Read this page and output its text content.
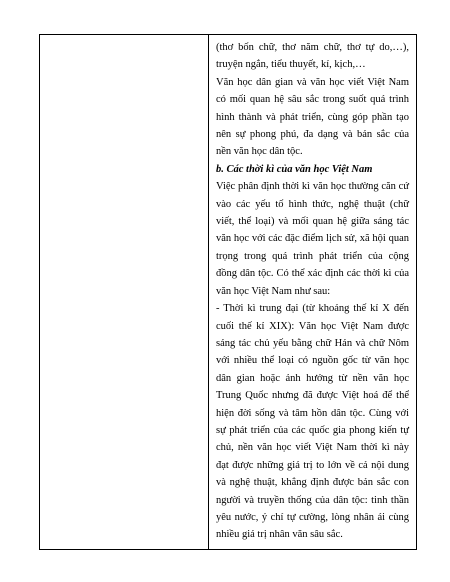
(thơ bốn chữ, thơ năm chữ, thơ tự do,…), truyện ngắn, tiểu thuyết, kí, kịch,…

Văn học dân gian và văn học viết Việt Nam có mối quan hệ sâu sắc trong suốt quá trình hình thành và phát triển, cùng góp phần tạo nên sự phong phú, đa dạng và bản sắc của nền văn học dân tộc.

b. Các thời kì của văn học Việt Nam

Việc phân định thời kì văn học thường căn cứ vào các yếu tố hình thức, nghệ thuật (chữ viết, thể loại) và mối quan hệ giữa sáng tác văn học với các đặc điểm lịch sử, xã hội quan trọng trong quá trình phát triển của cộng đồng dân tộc. Có thể xác định các thời kì của văn học Việt Nam như sau:

- Thời kì trung đại (từ khoảng thế kỉ X đến cuối thế kỉ XIX): Văn học Việt Nam được sáng tác chủ yếu bằng chữ Hán và chữ Nôm với nhiều thể loại có nguồn gốc từ văn học dân gian hoặc ảnh hưởng từ nền văn học Trung Quốc nhưng đã được Việt hoá để thể hiện đời sống và tâm hồn dân tộc. Cùng với sự phát triển của các quốc gia phong kiến tự chủ, nền văn học viết Việt Nam thời kì này đạt được những giá trị to lớn về cả nội dung và nghệ thuật, khẳng định được bản sắc con người và truyền thống của dân tộc: tinh thần yêu nước, ý chí tự cường, lòng nhân ái cùng nhiều giá trị nhân văn sâu sắc.
